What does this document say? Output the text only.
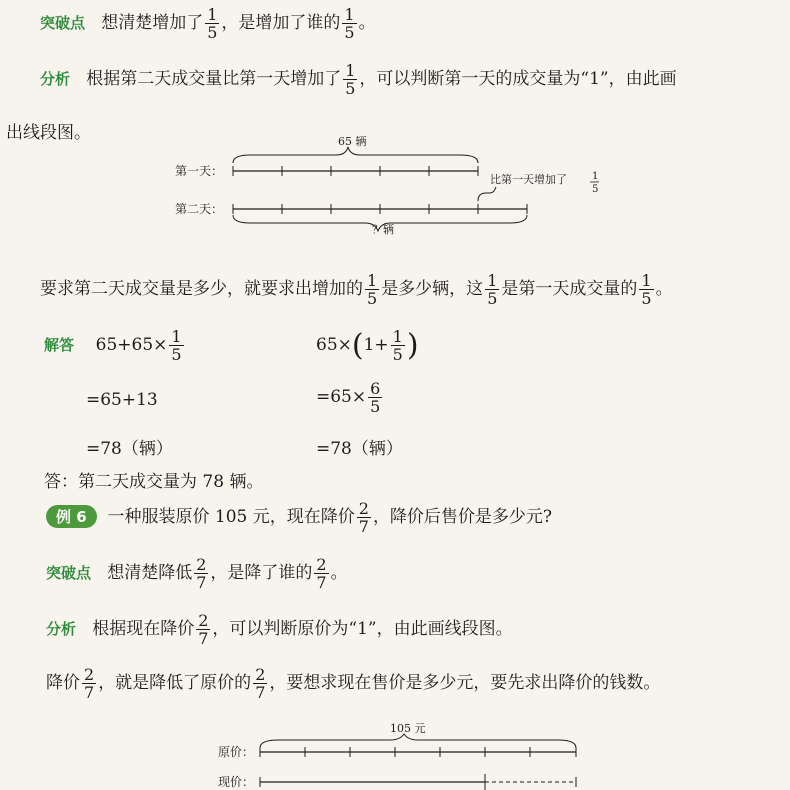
突破点 想清楚增加了 $\frac{1}{5}$ ，是增加了谁的 $\frac{1}{5}$ 。
分析 根据第二天成交量比第一天增加了 $\frac{1}{5}$ ，可以判断第一天的成交量为“1”，由此画
出线段图。
第一天：
第二天：
65 辆
比第一天增加了	1
5
？辆
要求第二天成交量是多少，就要求出增加的 $\frac{1}{5}$ 是多少辆，这 $\frac{1}{5}$ 是第一天成交量的 $\frac{1}{5}$ 。
解答 $65+65\times \frac{1}{5}$	$65\times(1+ \frac{1}{5}$ )
=65+13	$=65\times \frac{6}{5}$
=78（辆）	=78（辆）
答：第二天成交量为 78 辆。
例 6 一种服装原价 105 元，现在降价 $\frac{2}{7}$ ，降价后售价是多少元?
突破点 想清楚降低 $\frac{2}{7}$ ，是降了谁的 $\frac{2}{7}$ 。
分析 根据现在降价 $\frac{2}{7}$ ，可以判断原价为“1”，由此画线段图。
降价 $\frac{2}{7}$ ，就是降低了原价的 $\frac{2}{7}$ ，要想求现在售价是多少元，要先求出降价的钱数。
105 元
原价：
现价：
